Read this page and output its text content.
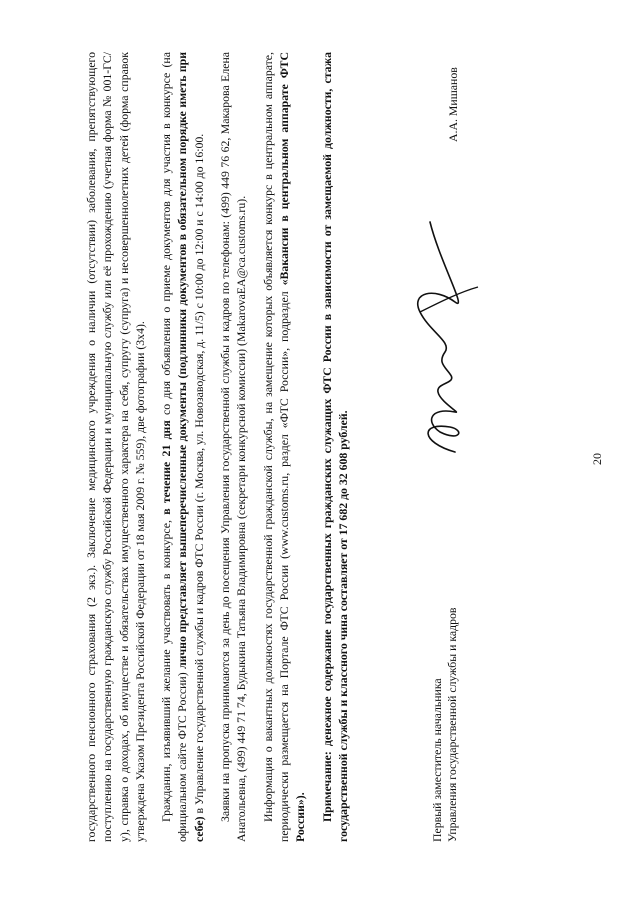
20

государственного пенсионного страхования (2 экз.). Заключение медицинского учреждения о наличии (отсутствии) заболевания, препятствующего поступлению на государственную гражданскую службу Российской Федерации и муниципальную службу или её прохождению (учетная форма № 001-ГС/у), справка о доходах, об имуществе и обязательствах имущественного характера на себя, супругу (супруга) и несовершеннолетних детей (форма справок утверждена Указом Президента Российской Федерации от 18 мая 2009 г. № 559), две фотографии (3х4). Гражданин, изъявивший желание участвовать в конкурсе, в течение 21 дня со дня объявления о приеме документов для участия в конкурсе (на официальном сайте ФТС России) лично представляет вышеперечисленные документы (подлинники документов в обязательном порядке иметь при себе) в Управление государственной службы и кадров ФТС России (г. Москва, ул. Новозаводская, д. 11/5) с 10:00 до 12:00 и с 14:00 до 16:00. Заявки на пропуска принимаются за день до посещения Управления государственной службы и кадров по телефонам: (499) 449 76 62, Макарова Елена Анатольевна, (499) 449 71 74, Будыкина Татьяна Владимировна (секретари конкурсной комиссии) (MakarovaEA@ca.customs.ru). Информация о вакантных должностях государственной гражданской службы, на замещение которых объявляется конкурс в центральном аппарате, периодически размещается на Портале ФТС России (www.customs.ru, раздел «ФТС России», подраздел «Вакансии в центральном аппарате ФТС России»). Примечание: денежное содержание государственных гражданских служащих ФТС России в зависимости от замещаемой должности, стажа государственной службы и классного чина составляет от 17 682 до 32 608 рублей.	Первый заместитель начальника Управления государственной службы и кадров
А.А. Мишанов
